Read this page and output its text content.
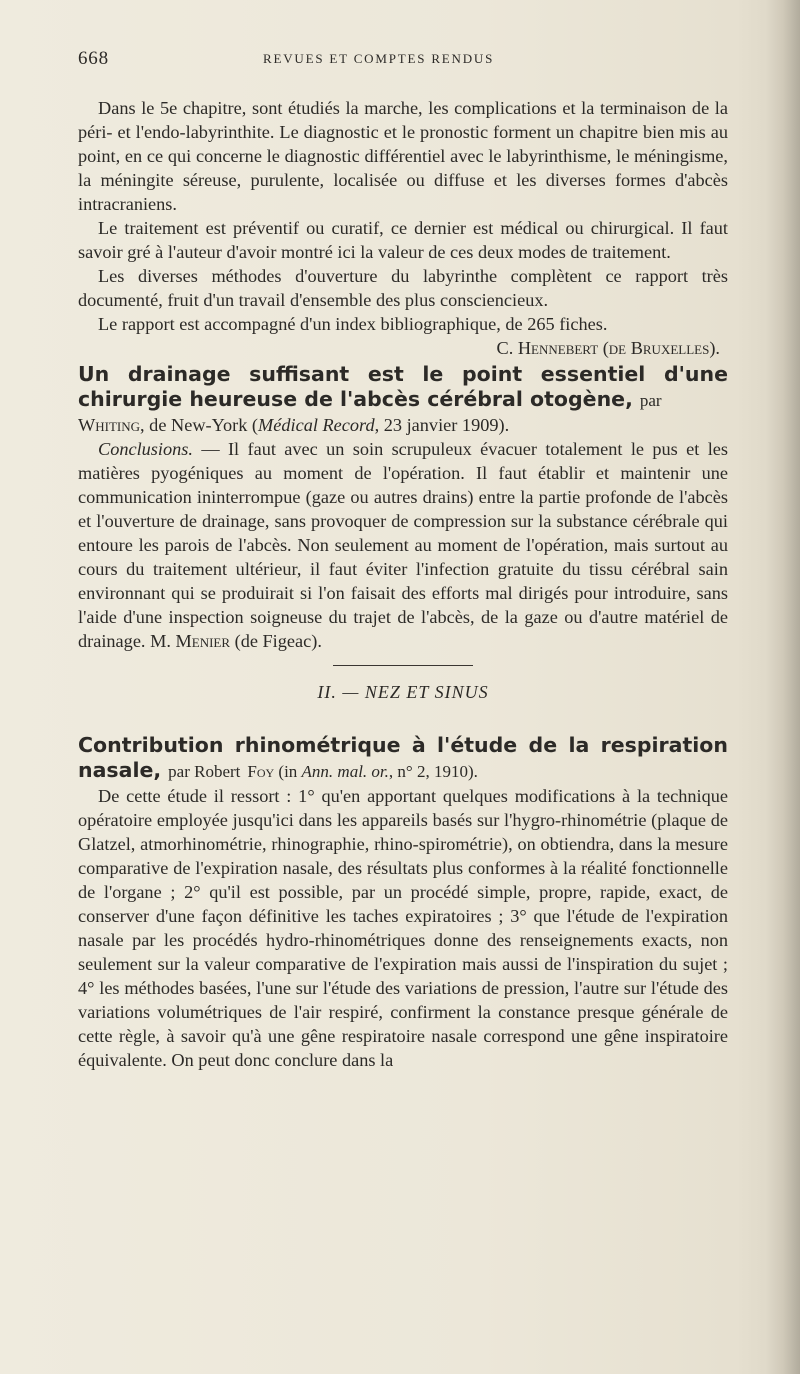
668	REVUES ET COMPTES RENDUS

Dans le 5e chapitre, sont étudiés la marche, les complications et la terminaison de la péri- et l'endo-labyrinthite. Le diagnostic et le pronostic forment un chapitre bien mis au point, en ce qui concerne le diagnostic différentiel avec le labyrinthisme, le méningisme, la méningite séreuse, purulente, localisée ou diffuse et les diverses formes d'abcès intracraniens.

Le traitement est préventif ou curatif, ce dernier est médical ou chirurgical. Il faut savoir gré à l'auteur d'avoir montré ici la valeur de ces deux modes de traitement.

Les diverses méthodes d'ouverture du labyrinthe complètent ce rapport très documenté, fruit d'un travail d'ensemble des plus consciencieux.

Le rapport est accompagné d'un index bibliographique, de 265 fiches.

C. Hennebert (de Bruxelles).

Un drainage suffisant est le point essentiel d'une chirurgie heureuse de l'abcès cérébral otogène, par

Whiting, de New-York (Médical Record, 23 janvier 1909).

Conclusions. — Il faut avec un soin scrupuleux évacuer totalement le pus et les matières pyogéniques au moment de l'opération. Il faut établir et maintenir une communication ininterrompue (gaze ou autres drains) entre la partie profonde de l'abcès et l'ouverture de drainage, sans provoquer de compression sur la substance cérébrale qui entoure les parois de l'abcès. Non seulement au moment de l'opération, mais surtout au cours du traitement ultérieur, il faut éviter l'infection gratuite du tissu cérébral sain environnant qui se produirait si l'on faisait des efforts mal dirigés pour introduire, sans l'aide d'une inspection soigneuse du trajet de l'abcès, de la gaze ou d'autre matériel de drainage. M. Menier (de Figeac).

II. — NEZ ET SINUS

Contribution rhinométrique à l'étude de la respiration nasale, par Robert Foy (in Ann. mal. or., n° 2, 1910).

De cette étude il ressort : 1° qu'en apportant quelques modifications à la technique opératoire employée jusqu'ici dans les appareils basés sur l'hygro-rhinométrie (plaque de Glatzel, atmorhinométrie, rhinographie, rhino-spirométrie), on obtiendra, dans la mesure comparative de l'expiration nasale, des résultats plus conformes à la réalité fonctionnelle de l'organe ; 2° qu'il est possible, par un procédé simple, propre, rapide, exact, de conserver d'une façon définitive les taches expiratoires ; 3° que l'étude de l'expiration nasale par les procédés hydro-rhinométriques donne des renseignements exacts, non seulement sur la valeur comparative de l'expiration mais aussi de l'inspiration du sujet ; 4° les méthodes basées, l'une sur l'étude des variations de pression, l'autre sur l'étude des variations volumétriques de l'air respiré, confirment la constance presque générale de cette règle, à savoir qu'à une gêne respiratoire nasale correspond une gêne inspiratoire équivalente. On peut donc conclure dans la
